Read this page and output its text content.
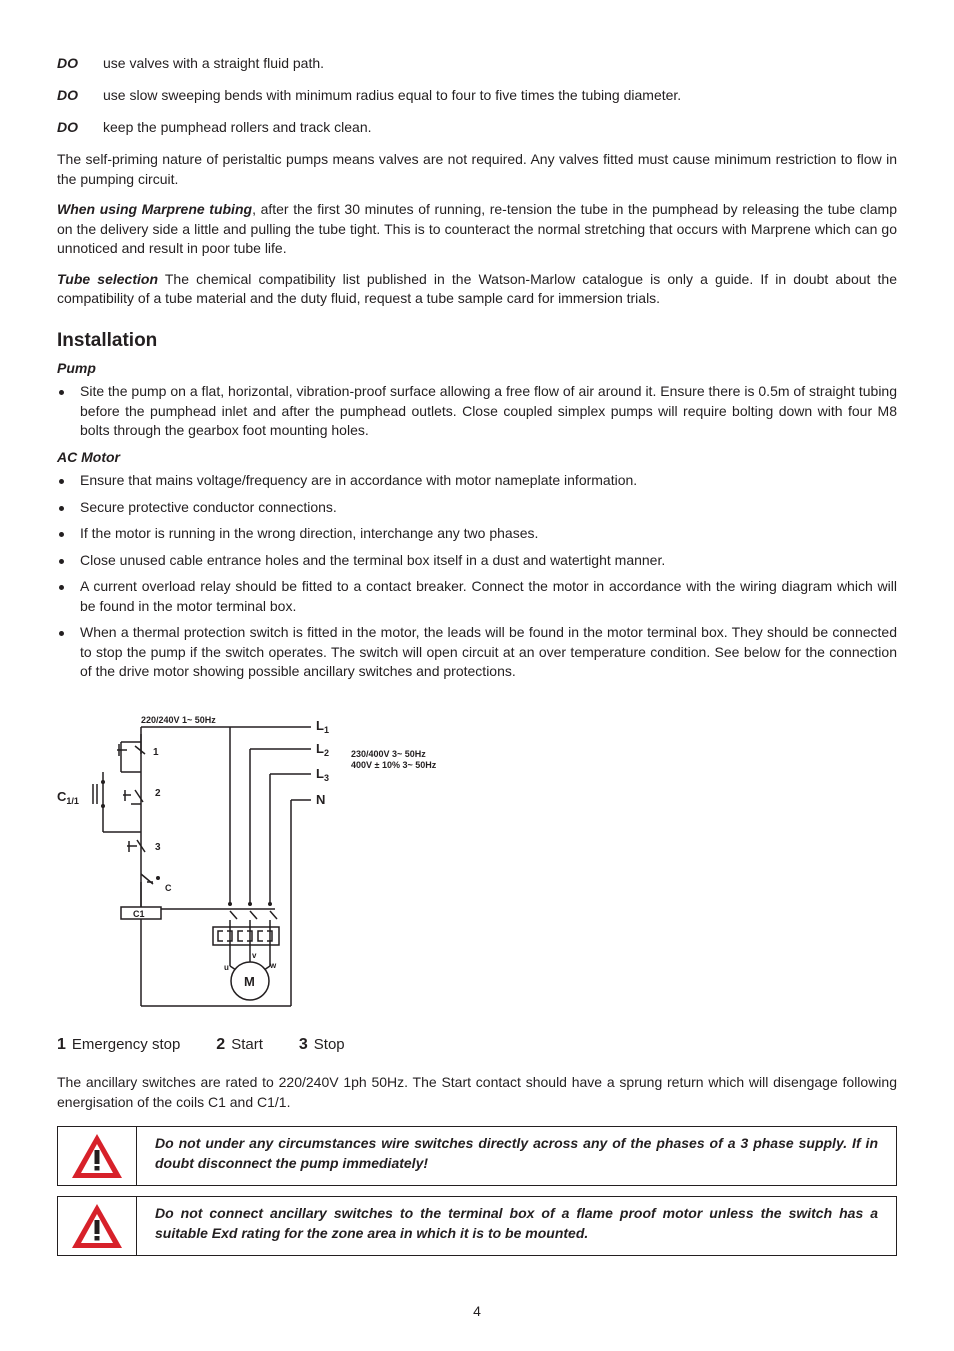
DO	use valves with a straight fluid path.
DO	use slow sweeping bends with minimum radius equal to four to five times the tubing diameter.
DO	keep the pumphead rollers and track clean.

The self-priming nature of peristaltic pumps means valves are not required. Any valves fitted must cause minimum restriction to flow in the pumping circuit.

When using Marprene tubing, after the first 30 minutes of running, re-tension the tube in the pumphead by releasing the tube clamp on the delivery side a little and pulling the tube tight. This is to counteract the normal stretching that occurs with Marprene which can go unnoticed and result in poor tube life.

Tube selection The chemical compatibility list published in the Watson-Marlow catalogue is only a guide. If in doubt about the compatibility of a tube material and the duty fluid, request a tube sample card for immersion trials.

Installation

Pump

Site the pump on a flat, horizontal, vibration-proof surface allowing a free flow of air around it. Ensure there is 0.5m of straight tubing before the pumphead inlet and after the pumphead outlets. Close coupled simplex pumps will require bolting down with four M8 bolts through the gearbox foot mounting holes.

AC Motor

Ensure that mains voltage/frequency are in accordance with motor nameplate information.
Secure protective conductor connections.
If the motor is running in the wrong direction, interchange any two phases.
Close unused cable entrance holes and the terminal box itself in a dust and watertight manner.
A current overload relay should be fitted to a contact breaker. Connect the motor in accordance with the wiring diagram which will be found in the motor terminal box.
When a thermal protection switch is fitted in the motor, the leads will be found in the motor terminal box. They should be connected to stop the pump if the switch operates. The switch will open circuit at an over temperature condition. See below for the connection of the drive motor showing possible ancillary switches and protections.
220/240V 1~ 50Hz
230/400V 3~ 50Hz
400V ± 10% 3~ 50Hz
$L_1$
$L_2$
$L_3$
N
1
2
3
$C_{1/1}$
C1
C
M
u
v
w
1 Emergency stop 2 Start 3 Stop

The ancillary switches are rated to 220/240V 1ph 50Hz. The Start contact should have a sprung return which will disengage following energisation of the coils C1 and C1/1.

Do not under any circumstances wire switches directly across any of the phases of a 3 phase supply. If in doubt disconnect the pump immediately!
Do not connect ancillary switches to the terminal box of a flame proof motor unless the switch has a suitable Exd rating for the zone area in which it is to be mounted.
4
